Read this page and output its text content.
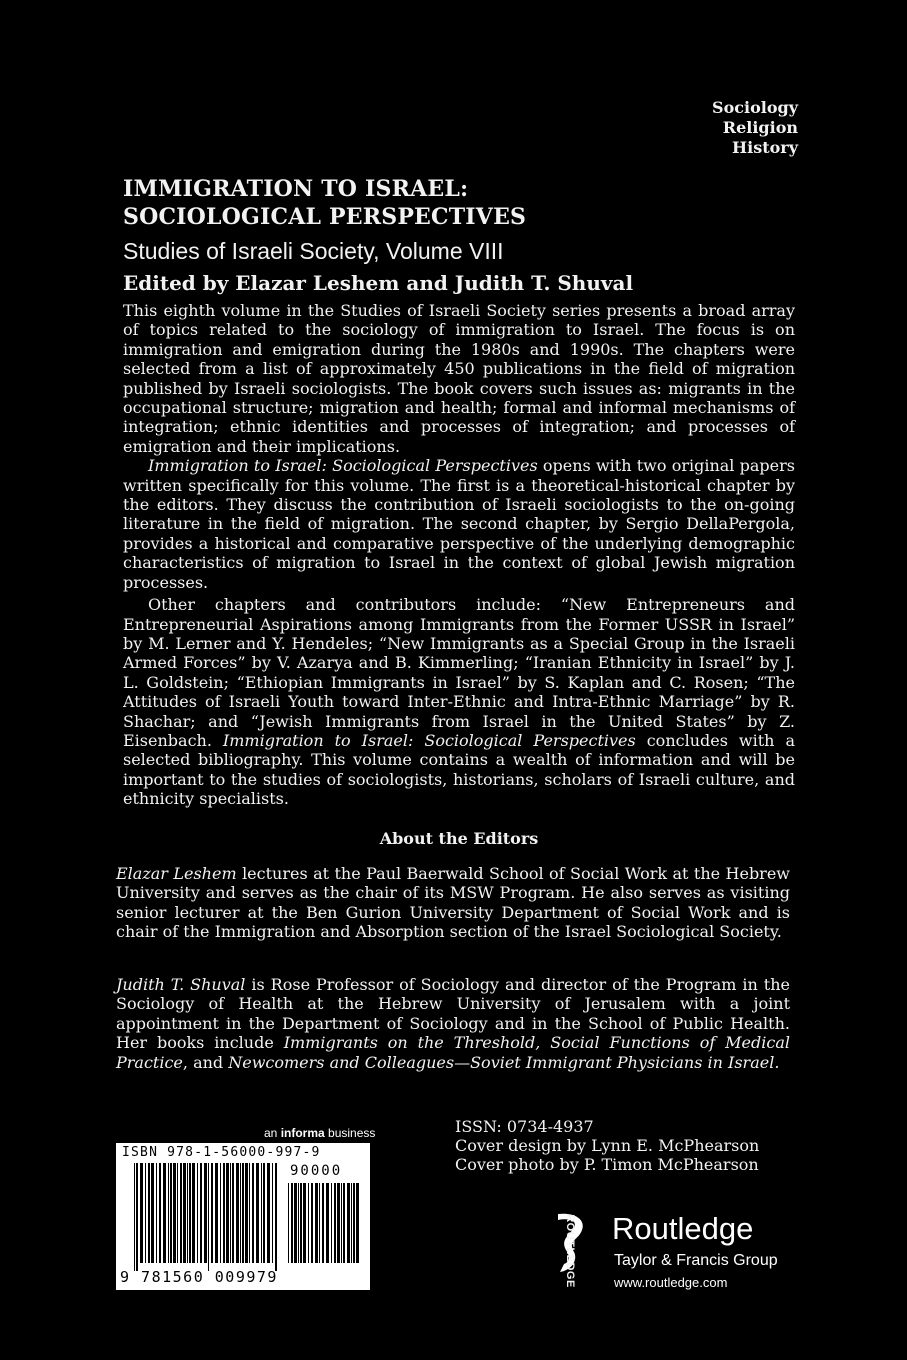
Sociology
Religion
History
IMMIGRATION TO ISRAEL:
SOCIOLOGICAL PERSPECTIVES
Studies of Israeli Society, Volume VIII
Edited by Elazar Leshem and Judith T. Shuval

This eighth volume in the Studies of Israeli Society series presents a broad array of topics related to the sociology of immigration to Israel. The focus is on immigration and emigration during the 1980s and 1990s. The chapters were selected from a list of approximately 450 publications in the field of migration published by Israeli sociologists. The book covers such issues as: migrants in the occupational structure; migration and health; formal and informal mechanisms of integration; ethnic identities and processes of integration; and processes of emigration and their implications.

Immigration to Israel: Sociological Perspectives opens with two original papers written specifically for this volume. The first is a theoretical-historical chapter by the editors. They discuss the contribution of Israeli sociologists to the on-going literature in the field of migration. The second chapter, by Sergio DellaPergola, provides a historical and comparative perspective of the underlying demographic characteristics of migration to Israel in the context of global Jewish migration processes.

Other chapters and contributors include: “New Entrepreneurs and Entrepreneurial Aspirations among Immigrants from the Former USSR in Israel” by M. Lerner and Y. Hendeles; “New Immigrants as a Special Group in the Israeli Armed Forces” by V. Azarya and B. Kimmerling; “Iranian Ethnicity in Israel” by J. L. Goldstein; “Ethiopian Immigrants in Israel” by S. Kaplan and C. Rosen; “The Attitudes of Israeli Youth toward Inter-Ethnic and Intra-Ethnic Marriage” by R. Shachar; and “Jewish Immigrants from Israel in the United States” by Z. Eisenbach. Immigration to Israel: Sociological Perspectives concludes with a selected bibliography. This volume contains a wealth of information and will be important to the studies of sociologists, historians, scholars of Israeli culture, and ethnicity specialists.

About the Editors

Elazar Leshem lectures at the Paul Baerwald School of Social Work at the Hebrew University and serves as the chair of its MSW Program. He also serves as visiting senior lecturer at the Ben Gurion University Department of Social Work and is chair of the Immigration and Absorption section of the Israel Sociological Society.

Judith T. Shuval is Rose Professor of Sociology and director of the Program in the Sociology of Health at the Hebrew University of Jerusalem with a joint appointment in the Department of Sociology and in the School of Public Health. Her books include Immigrants on the Threshold, Social Functions of Medical Practice, and Newcomers and Colleagues—Soviet Immigrant Physicians in Israel.

an informa business
ISBN 978-1-56000-997-9
90000
9 781560 009979
ISSN: 0734-4937
Cover design by Lynn E. McPhearson
Cover photo by P. Timon McPhearson
ROUTLEDGE Routledge
Taylor & Francis Group
www.routledge.com
